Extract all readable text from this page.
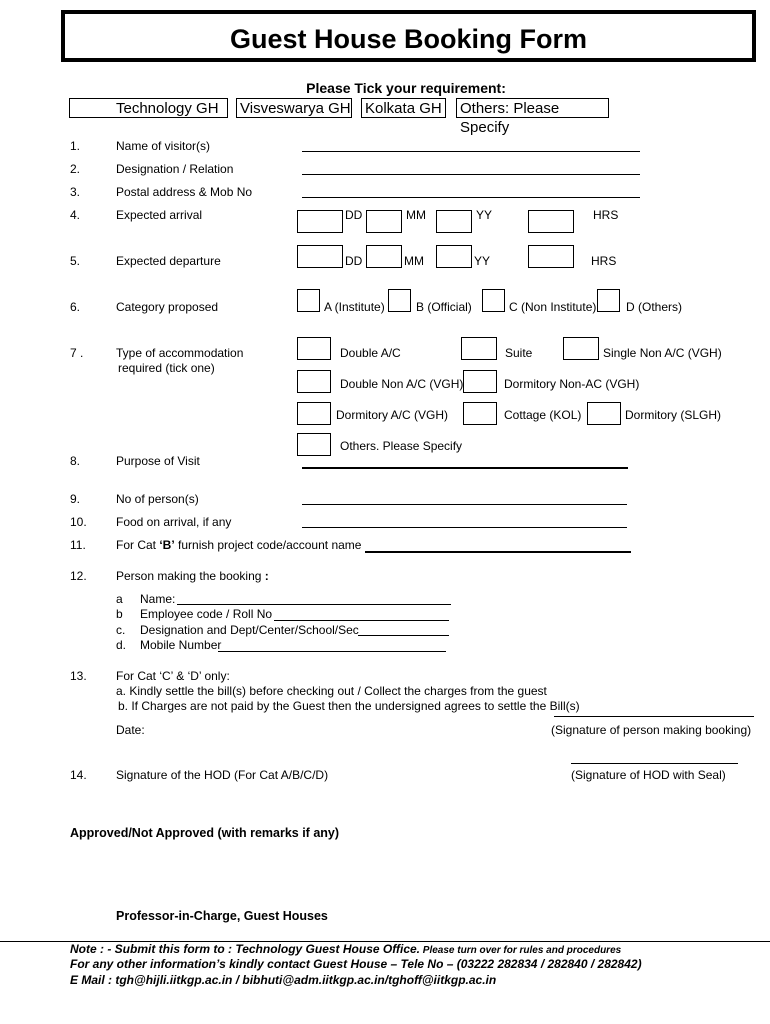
Guest House Booking Form
Please Tick your requirement:
Technology GH	Visveswarya GH Kolkata GH Others: Please Specify
1.	Name of visitor(s)
2.	Designation / Relation
3.	Postal address & Mob No
4.	Expected arrival	DD	MM	YY	HRS
5.	Expected departure	DD	MM	YY	HRS
6.	Category proposed	A (Institute)	B (Official)	C (Non Institute) D (Others)
7 .	Type of accommodation
required (tick one)
Double A/C	Suite	Single Non A/C (VGH)
Double Non A/C (VGH)	Dormitory Non-AC (VGH)
Dormitory A/C (VGH)	Cottage (KOL)	Dormitory (SLGH)
Others. Please Specify
8.	Purpose of Visit
9.	No of person(s)
10. Food on arrival, if any
11.	For Cat ‘B’ furnish project code/account name
12. Person making the booking :
a Name:
b Employee code / Roll No
c. Designation and Dept/Center/School/Sec
d. Mobile Number
13. For Cat ‘C’ & ‘D’ only:
a. Kindly settle the bill(s) before checking out / Collect the charges from the guest
b. If Charges are not paid by the Guest then the undersigned agrees to settle the Bill(s)
Date:	(Signature of person making booking)
14. Signature of the HOD (For Cat A/B/C/D)	(Signature of HOD with Seal)
Approved/Not Approved (with remarks if any)
Professor-in-Charge, Guest Houses
Note : - Submit this form to : Technology Guest House Office. Please turn over for rules and procedures
For any other information’s kindly contact Guest House – Tele No – (03222 282834 / 282840 / 282842)
E Mail : tgh@hijli.iitkgp.ac.in / bibhuti@adm.iitkgp.ac.in/tghoff@iitkgp.ac.in
